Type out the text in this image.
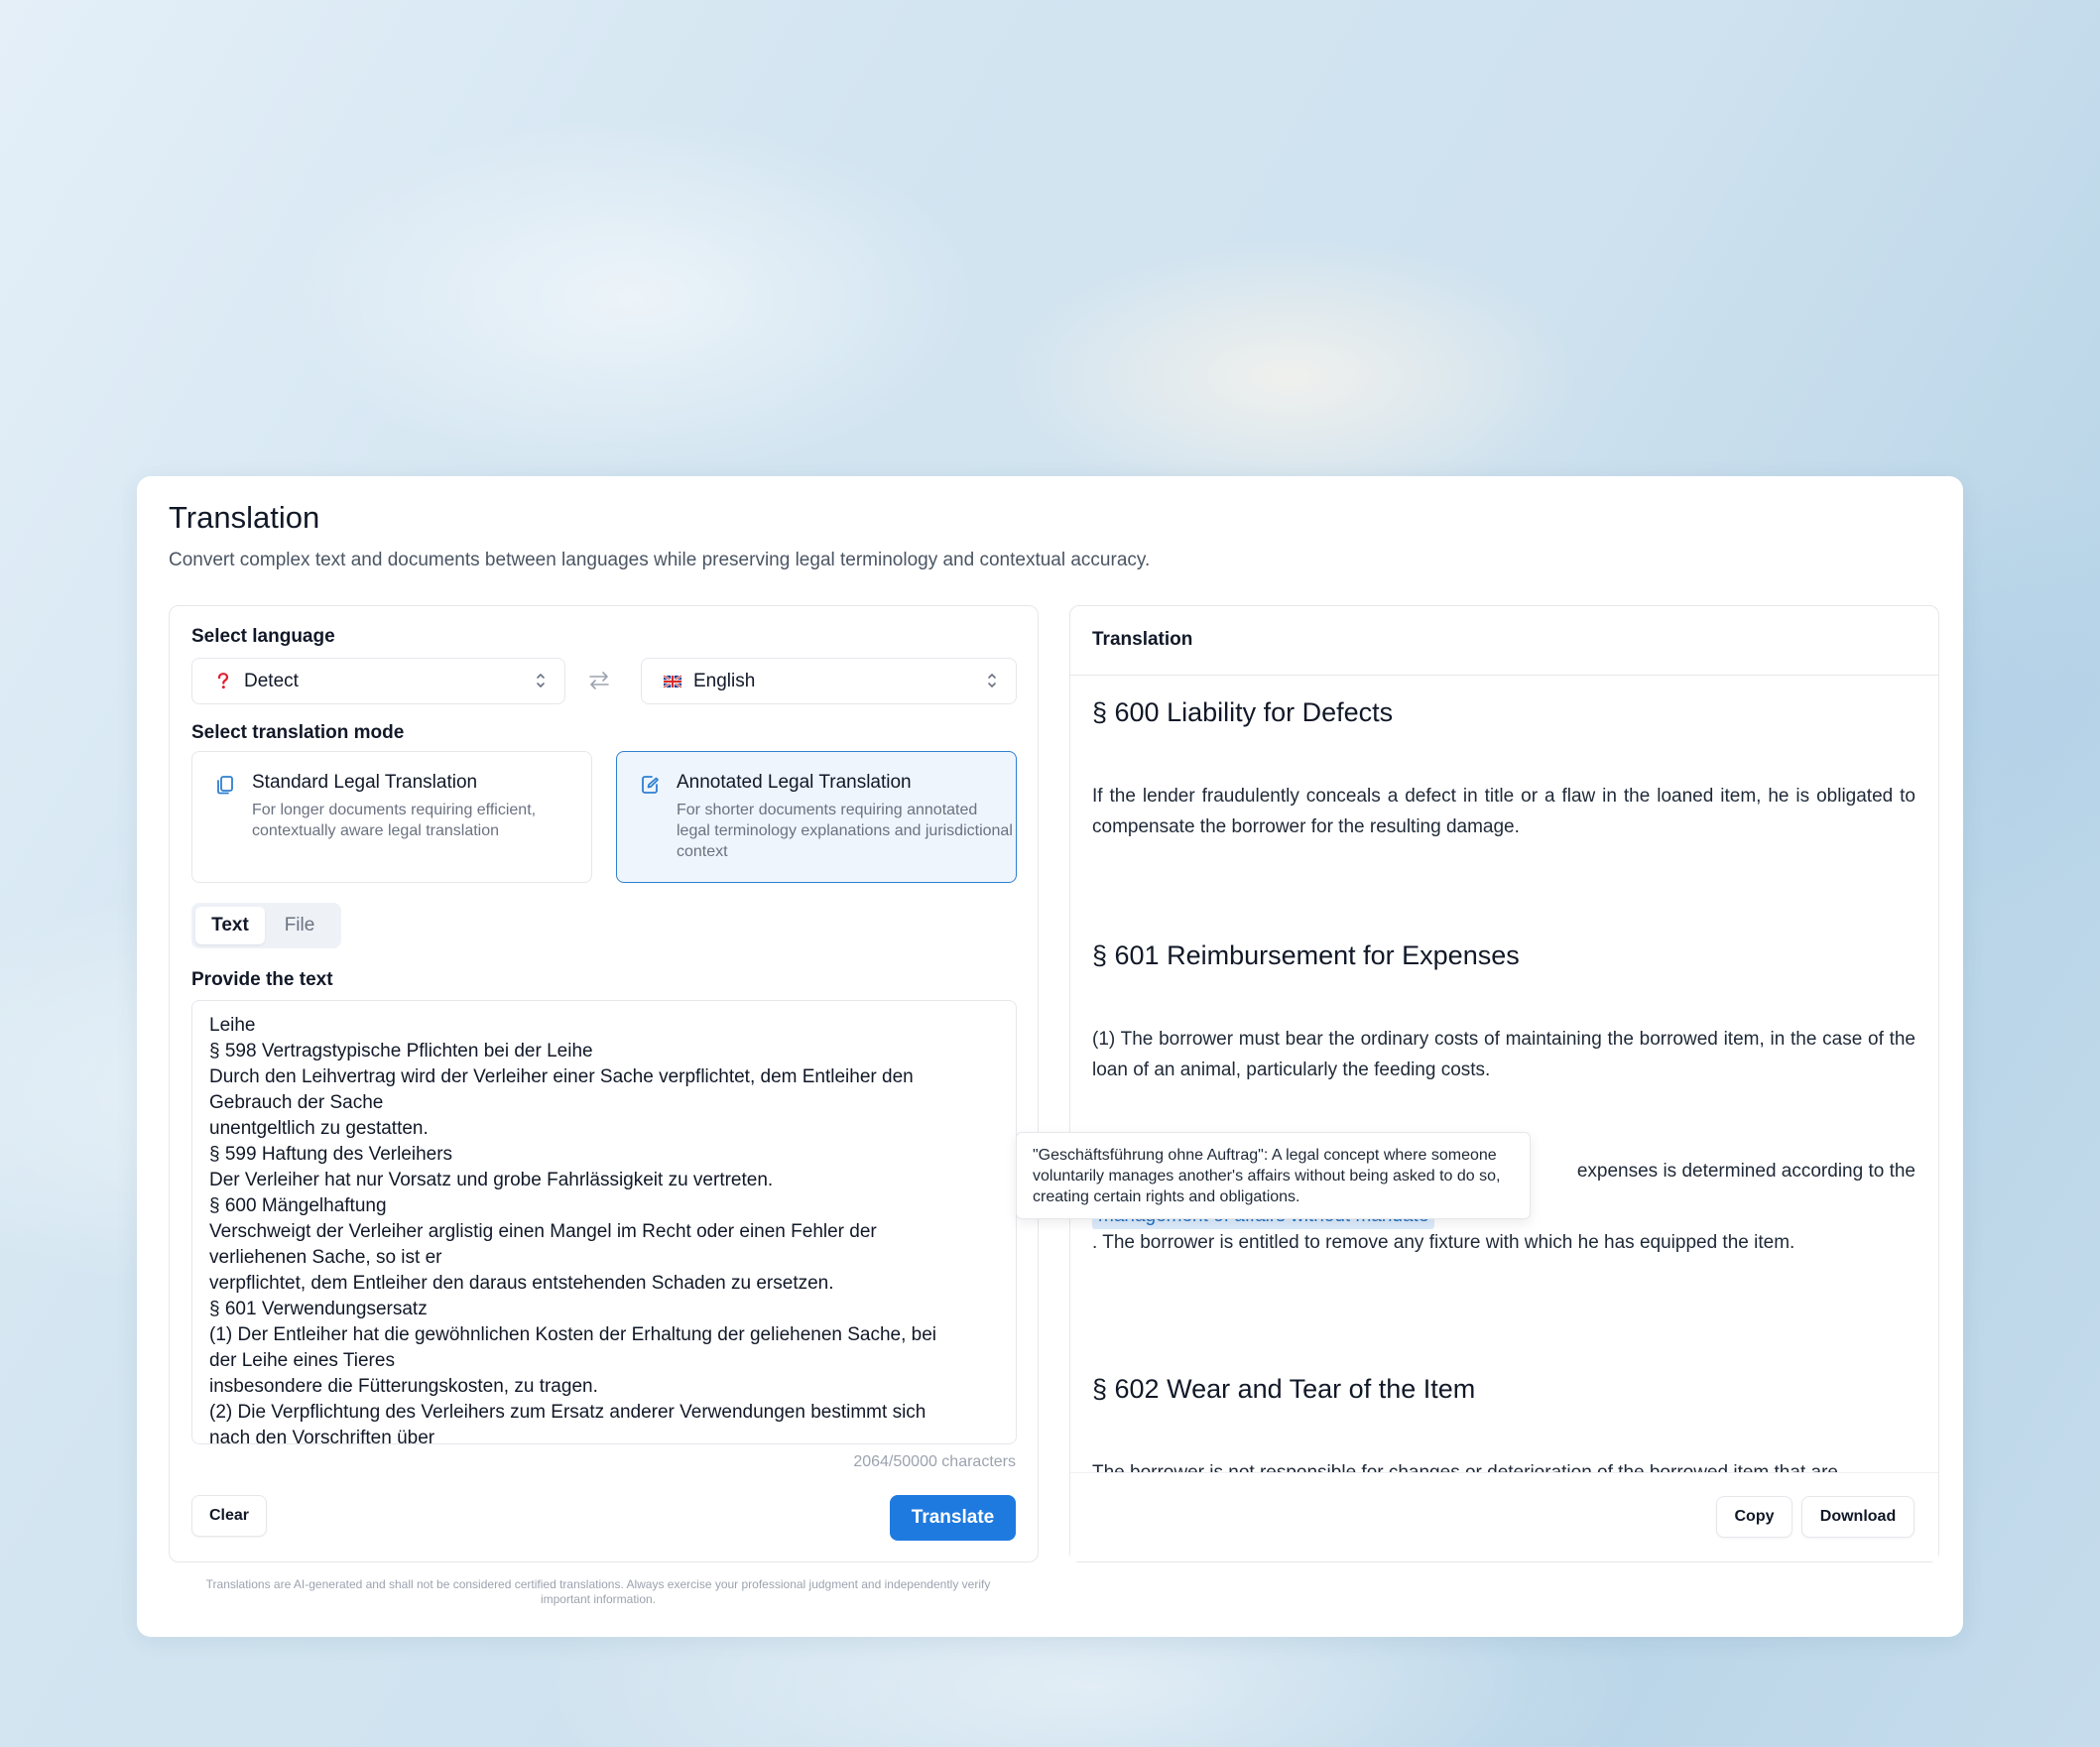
Translation

Convert complex text and documents between languages while preserving legal terminology and contextual accuracy.

Select language
Detect	English
Select translation mode
Standard Legal Translation
For longer documents requiring efficient, contextually aware legal translation
Annotated Legal Translation
For shorter documents requiring annotated legal terminology explanations and jurisdictional context
Text	File
Provide the text
Leihe
§ 598 Vertragstypische Pflichten bei der Leihe
Durch den Leihvertrag wird der Verleiher einer Sache verpflichtet, dem Entleiher den
Gebrauch der Sache
unentgeltlich zu gestatten.
§ 599 Haftung des Verleihers
Der Verleiher hat nur Vorsatz und grobe Fahrlässigkeit zu vertreten.
§ 600 Mängelhaftung
Verschweigt der Verleiher arglistig einen Mangel im Recht oder einen Fehler der
verliehenen Sache, so ist er
verpflichtet, dem Entleiher den daraus entstehenden Schaden zu ersetzen.
§ 601 Verwendungsersatz
(1) Der Entleiher hat die gewöhnlichen Kosten der Erhaltung der geliehenen Sache, bei
der Leihe eines Tieres
insbesondere die Fütterungskosten, zu tragen.
(2) Die Verpflichtung des Verleihers zum Ersatz anderer Verwendungen bestimmt sich
nach den Vorschriften über
2064/50000 characters
Clear	Translate
Translations are AI-generated and shall not be considered certified translations. Always exercise your professional judgment and independently verify important information.
Translation
§ 600 Liability for Defects
If the lender fraudulently conceals a defect in title or a flaw in the loaned item, he is obligated to compensate the borrower for the resulting damage.
§ 601 Reimbursement for Expenses
(1) The borrower must bear the ordinary costs of maintaining the borrowed item, in the case of the loan of an animal, particularly the feeding costs.
expenses is determined according to the
. The borrower is entitled to remove any fixture with which he has equipped the item.
§ 602 Wear and Tear of the Item
Copy	Download
"Geschäftsführung ohne Auftrag": A legal concept where someone voluntarily manages another's affairs without being asked to do so, creating certain rights and obligations.
